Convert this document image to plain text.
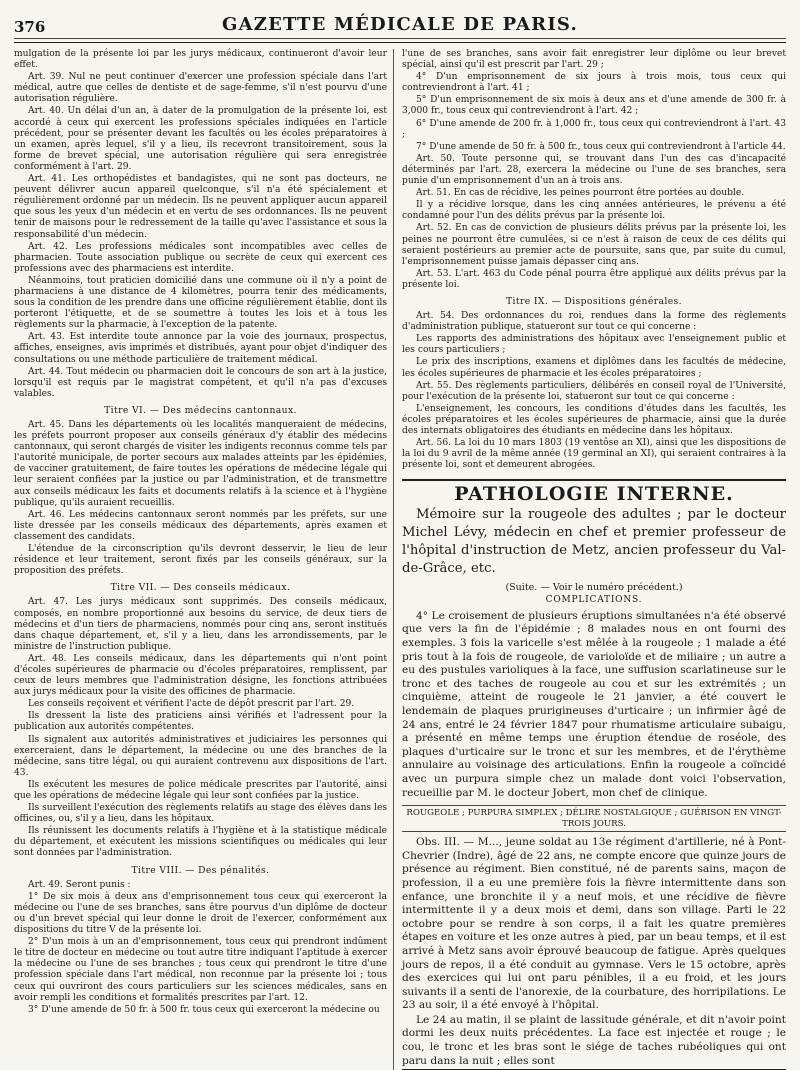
376	GAZETTE MÉDICALE DE PARIS.

mulgation de la présente loi par les jurys médicaux, continueront d'avoir leur effet.

Art. 39. Nul ne peut continuer d'exercer une profession spéciale dans l'art médical, autre que celles de dentiste et de sage-femme, s'il n'est pourvu d'une autorisation régulière.

Art. 40. Un délai d'un an, à dater de la promulgation de la présente loi, est accordé à ceux qui exercent les professions spéciales indiquées en l'article précédent, pour se présenter devant les facultés ou les écoles préparatoires à un examen, après lequel, s'il y a lieu, ils recevront transitoirement, sous la forme de brevet spécial, une autorisation régulière qui sera enregistrée conformément à l'art. 29.

Art. 41. Les orthopédistes et bandagistes, qui ne sont pas docteurs, ne peuvent délivrer aucun appareil quelconque, s'il n'a été spécialement et régulièrement ordonné par un médecin. Ils ne peuvent appliquer aucun appareil que sous les yeux d'un médecin et en vertu de ses ordonnances. Ils ne peuvent tenir de maisons pour le redressement de la taille qu'avec l'assistance et sous la responsabilité d'un médecin.

Art. 42. Les professions médicales sont incompatibles avec celles de pharmacien. Toute association publique ou secrète de ceux qui exercent ces professions avec des pharmaciens est interdite.

Néanmoins, tout praticien domicilié dans une commune où il n'y a point de pharmaciens à une distance de 4 kilomètres, pourra tenir des médicaments, sous la condition de les prendre dans une officine régulièrement établie, dont ils porteront l'étiquette, et de se soumettre à toutes les lois et à tous les règlements sur la pharmacie, à l'exception de la patente.

Art. 43. Est interdite toute annonce par la voie des journaux, prospectus, affiches, enseignes, avis imprimés et distribués, ayant pour objet d'indiquer des consultations ou une méthode particulière de traitement médical.

Art. 44. Tout médecin ou pharmacien doit le concours de son art à la justice, lorsqu'il est requis par le magistrat compétent, et qu'il n'a pas d'excuses valables.

Titre VI. — Des médecins cantonnaux.

Art. 45. Dans les départements où les localités manqueraient de médecins, les préfets pourront proposer aux conseils généraux d'y établir des médecins cantonnaux, qui seront chargés de visiter les indigents reconnus comme tels par l'autorité municipale, de porter secours aux malades atteints par les épidémies, de vacciner gratuitement, de faire toutes les opérations de médecine légale qui leur seraient confiées par la justice ou par l'administration, et de transmettre aux conseils médicaux les faits et documents relatifs à la science et à l'hygiène publique, qu'ils auraient recueillis.

Art. 46. Les médecins cantonnaux seront nommés par les préfets, sur une liste dressée par les conseils médicaux des départements, après examen et classement des candidats.

L'étendue de la circonscription qu'ils devront desservir, le lieu de leur résidence et leur traitement, seront fixés par les conseils généraux, sur la proposition des préfets.

Titre VII. — Des conseils médicaux.

Art. 47. Les jurys médicaux sont supprimés. Des conseils médicaux, composés, en nombre proportionné aux besoins du service, de deux tiers de médecins et d'un tiers de pharmaciens, nommés pour cinq ans, seront institués dans chaque département, et, s'il y a lieu, dans les arrondissements, par le ministre de l'instruction publique.

Art. 48. Les conseils médicaux, dans les départements qui n'ont point d'écoles supérieures de pharmacie ou d'écoles préparatoires, remplissent, par ceux de leurs membres que l'administration désigne, les fonctions attribuées aux jurys médicaux pour la visite des officines de pharmacie.

Les conseils reçoivent et vérifient l'acte de dépôt prescrit par l'art. 29.

Ils dressent la liste des praticiens ainsi vérifiés et l'adressent pour la publication aux autorités compétentes.

Ils signalent aux autorités administratives et judiciaires les personnes qui exerceraient, dans le département, la médecine ou une des branches de la médecine, sans titre légal, ou qui auraient contrevenu aux dispositions de l'art. 43.

Ils exécutent les mesures de police médicale prescrites par l'autorité, ainsi que les opérations de médecine légale qui leur sont confiées par la justice.

Ils surveillent l'exécution des règlements relatifs au stage des élèves dans les officines, ou, s'il y a lieu, dans les hôpitaux.

Ils réunissent les documents relatifs à l'hygiène et à la statistique médicale du département, et exécutent les missions scientifiques ou médicales qui leur sont données par l'administration.

Titre VIII. — Des pénalités.

Art. 49. Seront punis :

1° De six mois à deux ans d'emprisonnement tous ceux qui exerceront la médecine ou l'une de ses branches, sans être pourvus d'un diplôme de docteur ou d'un brevet spécial qui leur donne le droit de l'exercer, conformément aux dispositions du titre V de la présente loi.

2° D'un mois à un an d'emprisonnement, tous ceux qui prendront indûment le titre de docteur en médecine ou tout autre titre indiquant l'aptitude à exercer la médecine ou l'une de ses branches ; tous ceux qui prendront le titre d'une profession spéciale dans l'art médical, non reconnue par la présente loi ; tous ceux qui ouvriront des cours particuliers sur les sciences médicales, sans en avoir rempli les conditions et formalités prescrites par l'art. 12.

3° D'une amende de 50 fr. à 500 fr. tous ceux qui exerceront la médecine ou

l'une de ses branches, sans avoir fait enregistrer leur diplôme ou leur brevet spécial, ainsi qu'il est prescrit par l'art. 29 ;

4° D'un emprisonnement de six jours à trois mois, tous ceux qui contreviendront à l'art. 41 ;

5° D'un emprisonnement de six mois à deux ans et d'une amende de 300 fr. à 3,000 fr., tous ceux qui contreviendront à l'art. 42 ;

6° D'une amende de 200 fr. à 1,000 fr., tous ceux qui contreviendront à l'art. 43 ;

7° D'une amende de 50 fr. à 500 fr., tous ceux qui contreviendront à l'article 44.

Art. 50. Toute personne qui, se trouvant dans l'un des cas d'incapacité déterminés par l'art. 28, exercera la médecine ou l'une de ses branches, sera punie d'un emprisonnement d'un an à trois ans.

Art. 51. En cas de récidive, les peines pourront être portées au double.

Il y a récidive lorsque, dans les cinq années antérieures, le prévenu a été condamné pour l'un des délits prévus par la présente loi.

Art. 52. En cas de conviction de plusieurs délits prévus par la présente loi, les peines ne pourront être cumulées, si ce n'est à raison de ceux de ces délits qui seraient postérieurs au premier acte de poursuite, sans que, par suite du cumul, l'emprisonnement puisse jamais dépasser cinq ans.

Art. 53. L'art. 463 du Code pénal pourra être appliqué aux délits prévus par la présente loi.

Titre IX. — Dispositions générales.

Art. 54. Des ordonnances du roi, rendues dans la forme des règlements d'administration publique, statueront sur tout ce qui concerne :

Les rapports des administrations des hôpitaux avec l'enseignement public et les cours particuliers ;

Le prix des inscriptions, examens et diplômes dans les facultés de médecine, les écoles supérieures de pharmacie et les écoles préparatoires ;

Art. 55. Des règlements particuliers, délibérés en conseil royal de l'Université, pour l'exécution de la présente loi, statueront sur tout ce qui concerne :

L'enseignement, les concours, les conditions d'études dans les facultés, les écoles préparatoires et les écoles supérieures de pharmacie, ainsi que la durée des internats obligatoires des étudiants en médecine dans les hôpitaux.

Art. 56. La loi du 10 mars 1803 (19 ventôse an XI), ainsi que les dispositions de la loi du 9 avril de la même année (19 germinal an XI), qui seraient contraires à la présente loi, sont et demeurent abrogées.

PATHOLOGIE INTERNE.

Mémoire sur la rougeole des adultes ; par le docteur Michel Lévy, médecin en chef et premier professeur de l'hôpital d'instruction de Metz, ancien professeur du Val-de-Grâce, etc.

(Suite. — Voir le numéro précédent.)
COMPLICATIONS.

4° Le croisement de plusieurs éruptions simultanées n'a été observé que vers la fin de l'épidémie ; 8 malades nous en ont fourni des exemples. 3 fois la varicelle s'est mêlée à la rougeole ; 1 malade a été pris tout à la fois de rougeole, de varioloïde et de miliaire ; un autre a eu des pustules varioliques à la face, une suffusion scarlatineuse sur le tronc et des taches de rougeole au cou et sur les extrémités ; un cinquième, atteint de rougeole le 21 janvier, a été couvert le lendemain de plaques prurigineuses d'urticaire ; un infirmier âgé de 24 ans, entré le 24 février 1847 pour rhumatisme articulaire subaigu, a présenté en même temps une éruption étendue de roséole, des plaques d'urticaire sur le tronc et sur les membres, et de l'érythème annulaire au voisinage des articulations. Enfin la rougeole a coïncidé avec un purpura simple chez un malade dont voici l'observation, recueillie par M. le docteur Jobert, mon chef de clinique.

ROUGEOLE ; PURPURA SIMPLEX ; DÉLIRE NOSTALGIQUE ; GUÉRISON EN VINGT-TROIS JOURS.

Obs. III. — M..., jeune soldat au 13e régiment d'artillerie, né à Pont-Chevrier (Indre), âgé de 22 ans, ne compte encore que quinze jours de présence au régiment. Bien constitué, né de parents sains, maçon de profession, il a eu une première fois la fièvre intermittente dans son enfance, une bronchite il y a neuf mois, et une récidive de fièvre intermittente il y a deux mois et demi, dans son village. Parti le 22 octobre pour se rendre à son corps, il a fait les quatre premières étapes en voiture et les onze autres à pied, par un beau temps, et il est arrivé à Metz sans avoir éprouvé beaucoup de fatigue. Après quelques jours de repos, il a été conduit au gymnase. Vers le 15 octobre, après des exercices qui lui ont paru pénibles, il a eu froid, et les jours suivants il a senti de l'anorexie, de la courbature, des horripilations. Le 23 au soir, il a été envoyé à l'hôpital.

Le 24 au matin, il se plaint de lassitude générale, et dit n'avoir point dormi les deux nuits précédentes. La face est injectée et rouge ; le cou, le tronc et les bras sont le siége de taches rubéoliques qui ont paru dans la nuit ; elles sont
